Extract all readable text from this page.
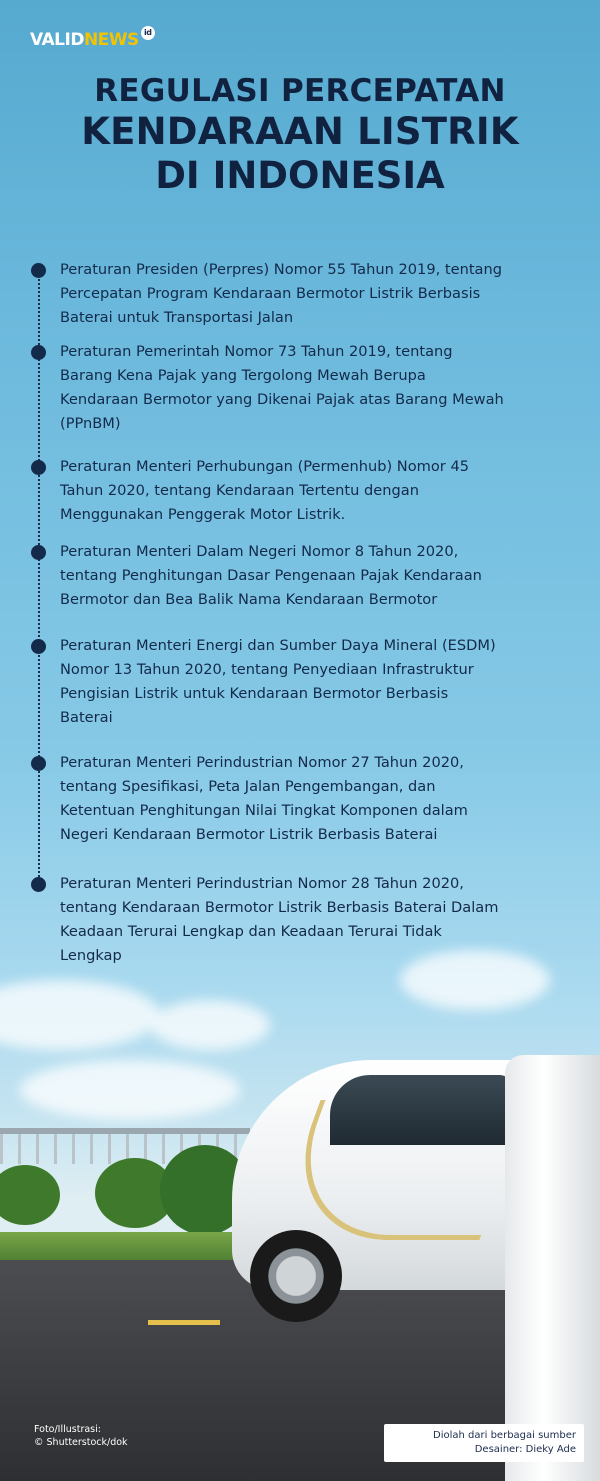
VALID NEWS id
REGULASI PERCEPATAN
KENDARAAN LISTRIK
DI INDONESIA
Peraturan Presiden (Perpres) Nomor 55 Tahun 2019, tentang
Percepatan Program Kendaraan Bermotor Listrik Berbasis
Baterai untuk Transportasi Jalan
Peraturan Pemerintah Nomor 73 Tahun 2019, tentang
Barang Kena Pajak yang Tergolong Mewah Berupa
Kendaraan Bermotor yang Dikenai Pajak atas Barang Mewah
(PPnBM)
Peraturan Menteri Perhubungan (Permenhub) Nomor 45
Tahun 2020, tentang Kendaraan Tertentu dengan
Menggunakan Penggerak Motor Listrik.
Peraturan Menteri Dalam Negeri Nomor 8 Tahun 2020,
tentang Penghitungan Dasar Pengenaan Pajak Kendaraan
Bermotor dan Bea Balik Nama Kendaraan Bermotor
Peraturan Menteri Energi dan Sumber Daya Mineral (ESDM)
Nomor 13 Tahun 2020, tentang Penyediaan Infrastruktur
Pengisian Listrik untuk Kendaraan Bermotor Berbasis
Baterai
Peraturan Menteri Perindustrian Nomor 27 Tahun 2020,
tentang Spesifikasi, Peta Jalan Pengembangan, dan
Ketentuan Penghitungan Nilai Tingkat Komponen dalam
Negeri Kendaraan Bermotor Listrik Berbasis Baterai
Peraturan Menteri Perindustrian Nomor 28 Tahun 2020,
tentang Kendaraan Bermotor Listrik Berbasis Baterai Dalam
Keadaan Terurai Lengkap dan Keadaan Terurai Tidak
Lengkap
Foto/Illustrasi:
© Shutterstock/dok
Diolah dari berbagai sumber
Desainer: Dieky Ade
